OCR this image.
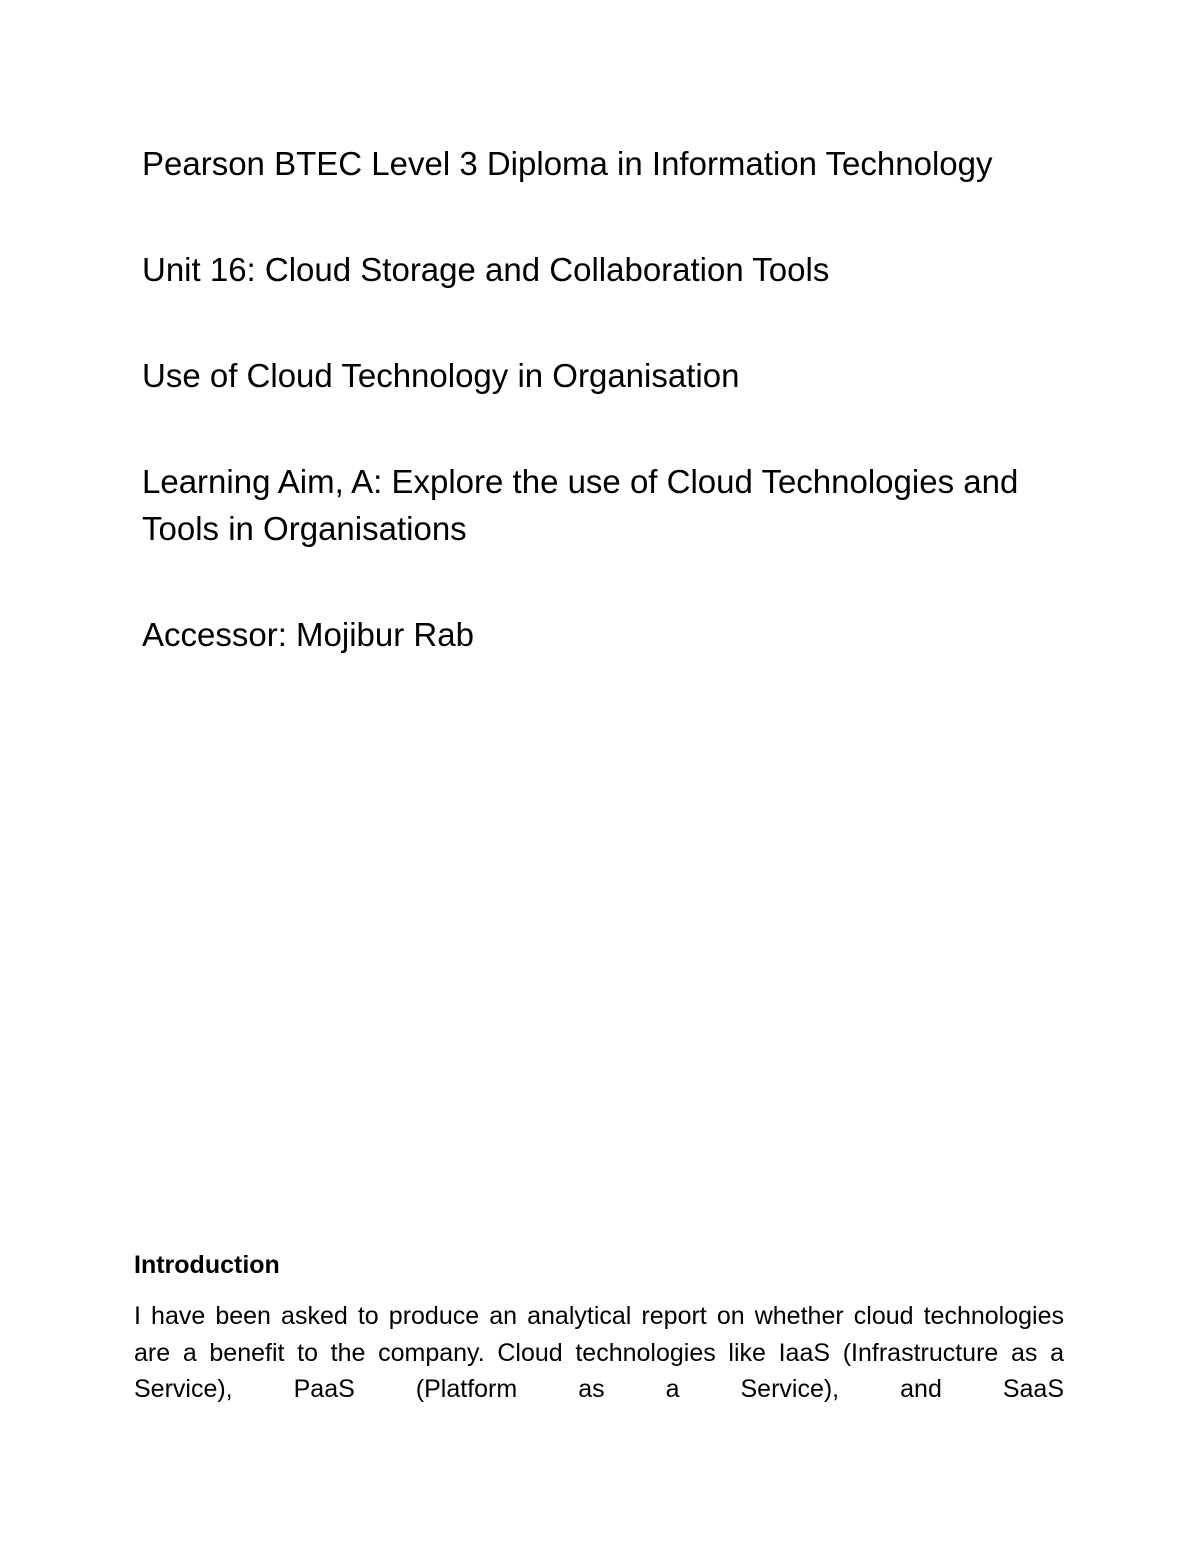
Pearson BTEC Level 3 Diploma in Information Technology

Unit 16: Cloud Storage and Collaboration Tools

Use of Cloud Technology in Organisation

Learning Aim, A: Explore the use of Cloud Technologies and Tools in Organisations

Accessor: Mojibur Rab

Introduction

I have been asked to produce an analytical report on whether cloud technologies are a benefit to the company. Cloud technologies like IaaS (Infrastructure as a Service), PaaS (Platform as a Service), and SaaS
